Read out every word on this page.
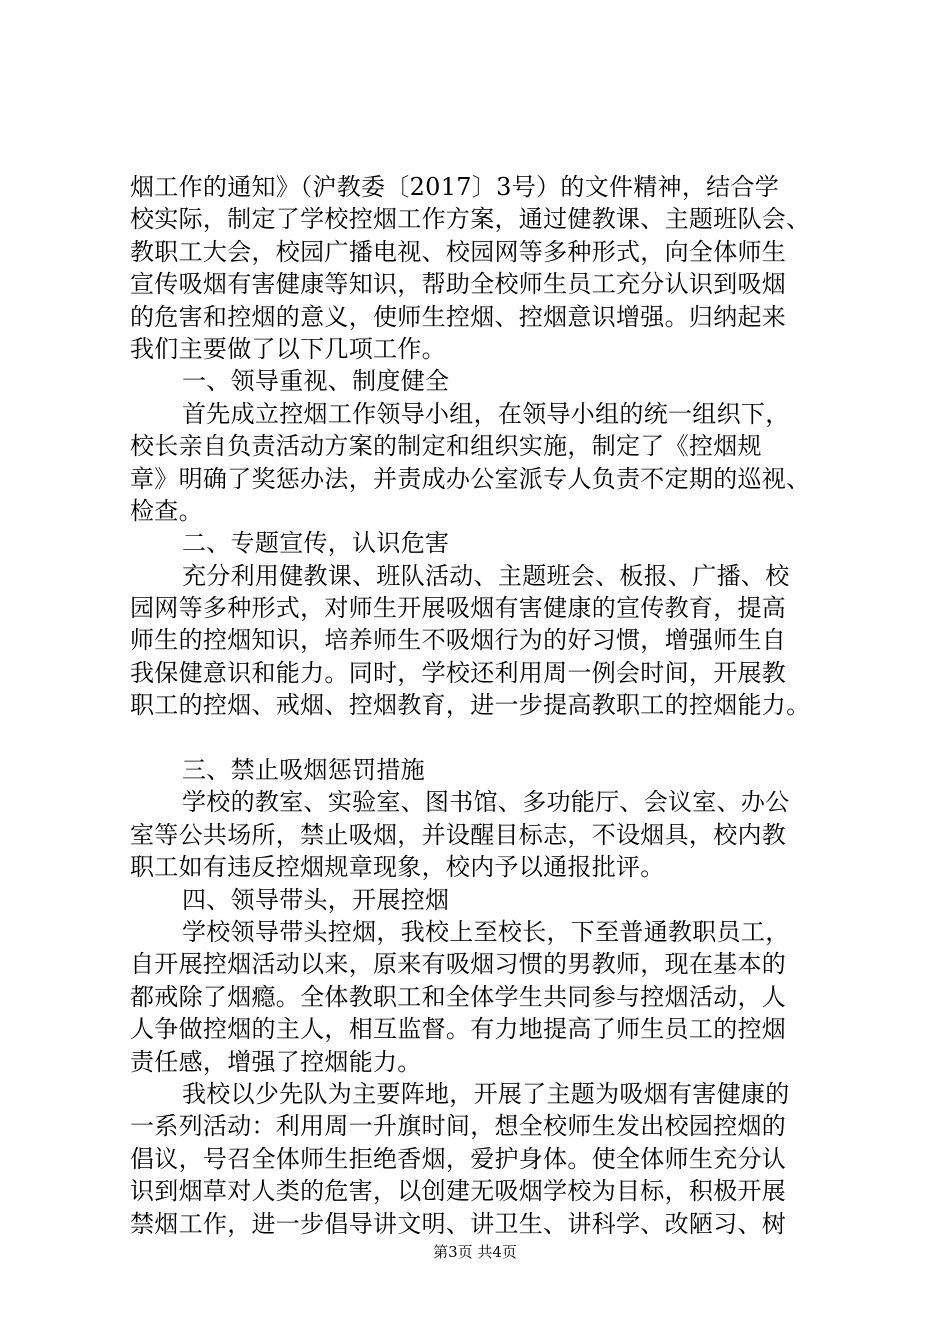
烟工作的通知》（沪教委〔2017〕3号）的文件精神，结合学
校实际，制定了学校控烟工作方案，通过健教课、主题班队会、
教职工大会，校园广播电视、校园网等多种形式，向全体师生
宣传吸烟有害健康等知识，帮助全校师生员工充分认识到吸烟
的危害和控烟的意义，使师生控烟、控烟意识增强。归纳起来
我们主要做了以下几项工作。
一、领导重视、制度健全
首先成立控烟工作领导小组，在领导小组的统一组织下，
校长亲自负责活动方案的制定和组织实施，制定了《控烟规
章》明确了奖惩办法，并责成办公室派专人负责不定期的巡视、
检查。
二、专题宣传，认识危害
充分利用健教课、班队活动、主题班会、板报、广播、校
园网等多种形式，对师生开展吸烟有害健康的宣传教育，提高
师生的控烟知识，培养师生不吸烟行为的好习惯，增强师生自
我保健意识和能力。同时，学校还利用周一例会时间，开展教
职工的控烟、戒烟、控烟教育，进一步提高教职工的控烟能力。
三、禁止吸烟惩罚措施
学校的教室、实验室、图书馆、多功能厅、会议室、办公
室等公共场所，禁止吸烟，并设醒目标志，不设烟具，校内教
职工如有违反控烟规章现象，校内予以通报批评。
四、领导带头，开展控烟
学校领导带头控烟，我校上至校长，下至普通教职员工，
自开展控烟活动以来，原来有吸烟习惯的男教师，现在基本的
都戒除了烟瘾。全体教职工和全体学生共同参与控烟活动，人
人争做控烟的主人，相互监督。有力地提高了师生员工的控烟
责任感，增强了控烟能力。
我校以少先队为主要阵地，开展了主题为吸烟有害健康的
一系列活动：利用周一升旗时间，想全校师生发出校园控烟的
倡议，号召全体师生拒绝香烟，爱护身体。使全体师生充分认
识到烟草对人类的危害，以创建无吸烟学校为目标，积极开展
禁烟工作，进一步倡导讲文明、讲卫生、讲科学、改陋习、树
第3页 共4页
